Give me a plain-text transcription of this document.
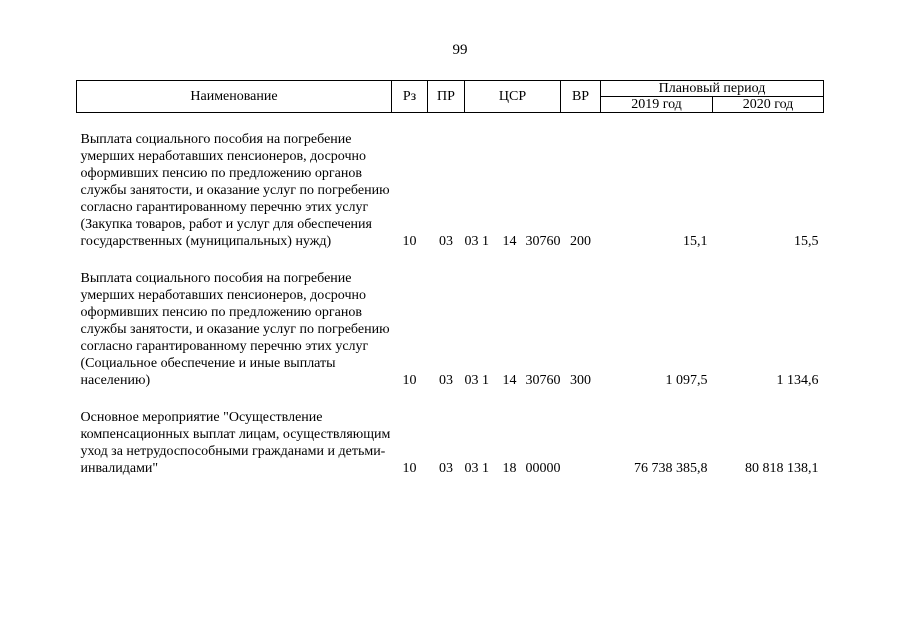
99
Наименование	Рз	ПР	ЦСР	ВР	Плановый период	
					2019 год	2020 год

Выплата социального пособия на погребение умерших неработавших пенсионеров, досрочно оформивших пенсию по предложению органов службы занятости, и оказание услуг по погребению согласно гарантированному перечню этих услуг (Закупка товаров, работ и услуг для обеспечения государственных (муниципальных) нужд)	10	03	03 1 14 30760	200	15,1	15,5

Выплата социального пособия на погребение умерших неработавших пенсионеров, досрочно оформивших пенсию по предложению органов службы занятости, и оказание услуг по погребению согласно гарантированному перечню этих услуг (Социальное обеспечение и иные выплаты населению)	10	03	03 1 14 30760	300	1 097,5	1 134,6

Основное мероприятие "Осуществление компенсационных выплат лицам, осуществляющим уход за нетрудоспособными гражданами и детьми-инвалидами"	10	03	03 1 18 00000		76 738 385,8	80 818 138,1
